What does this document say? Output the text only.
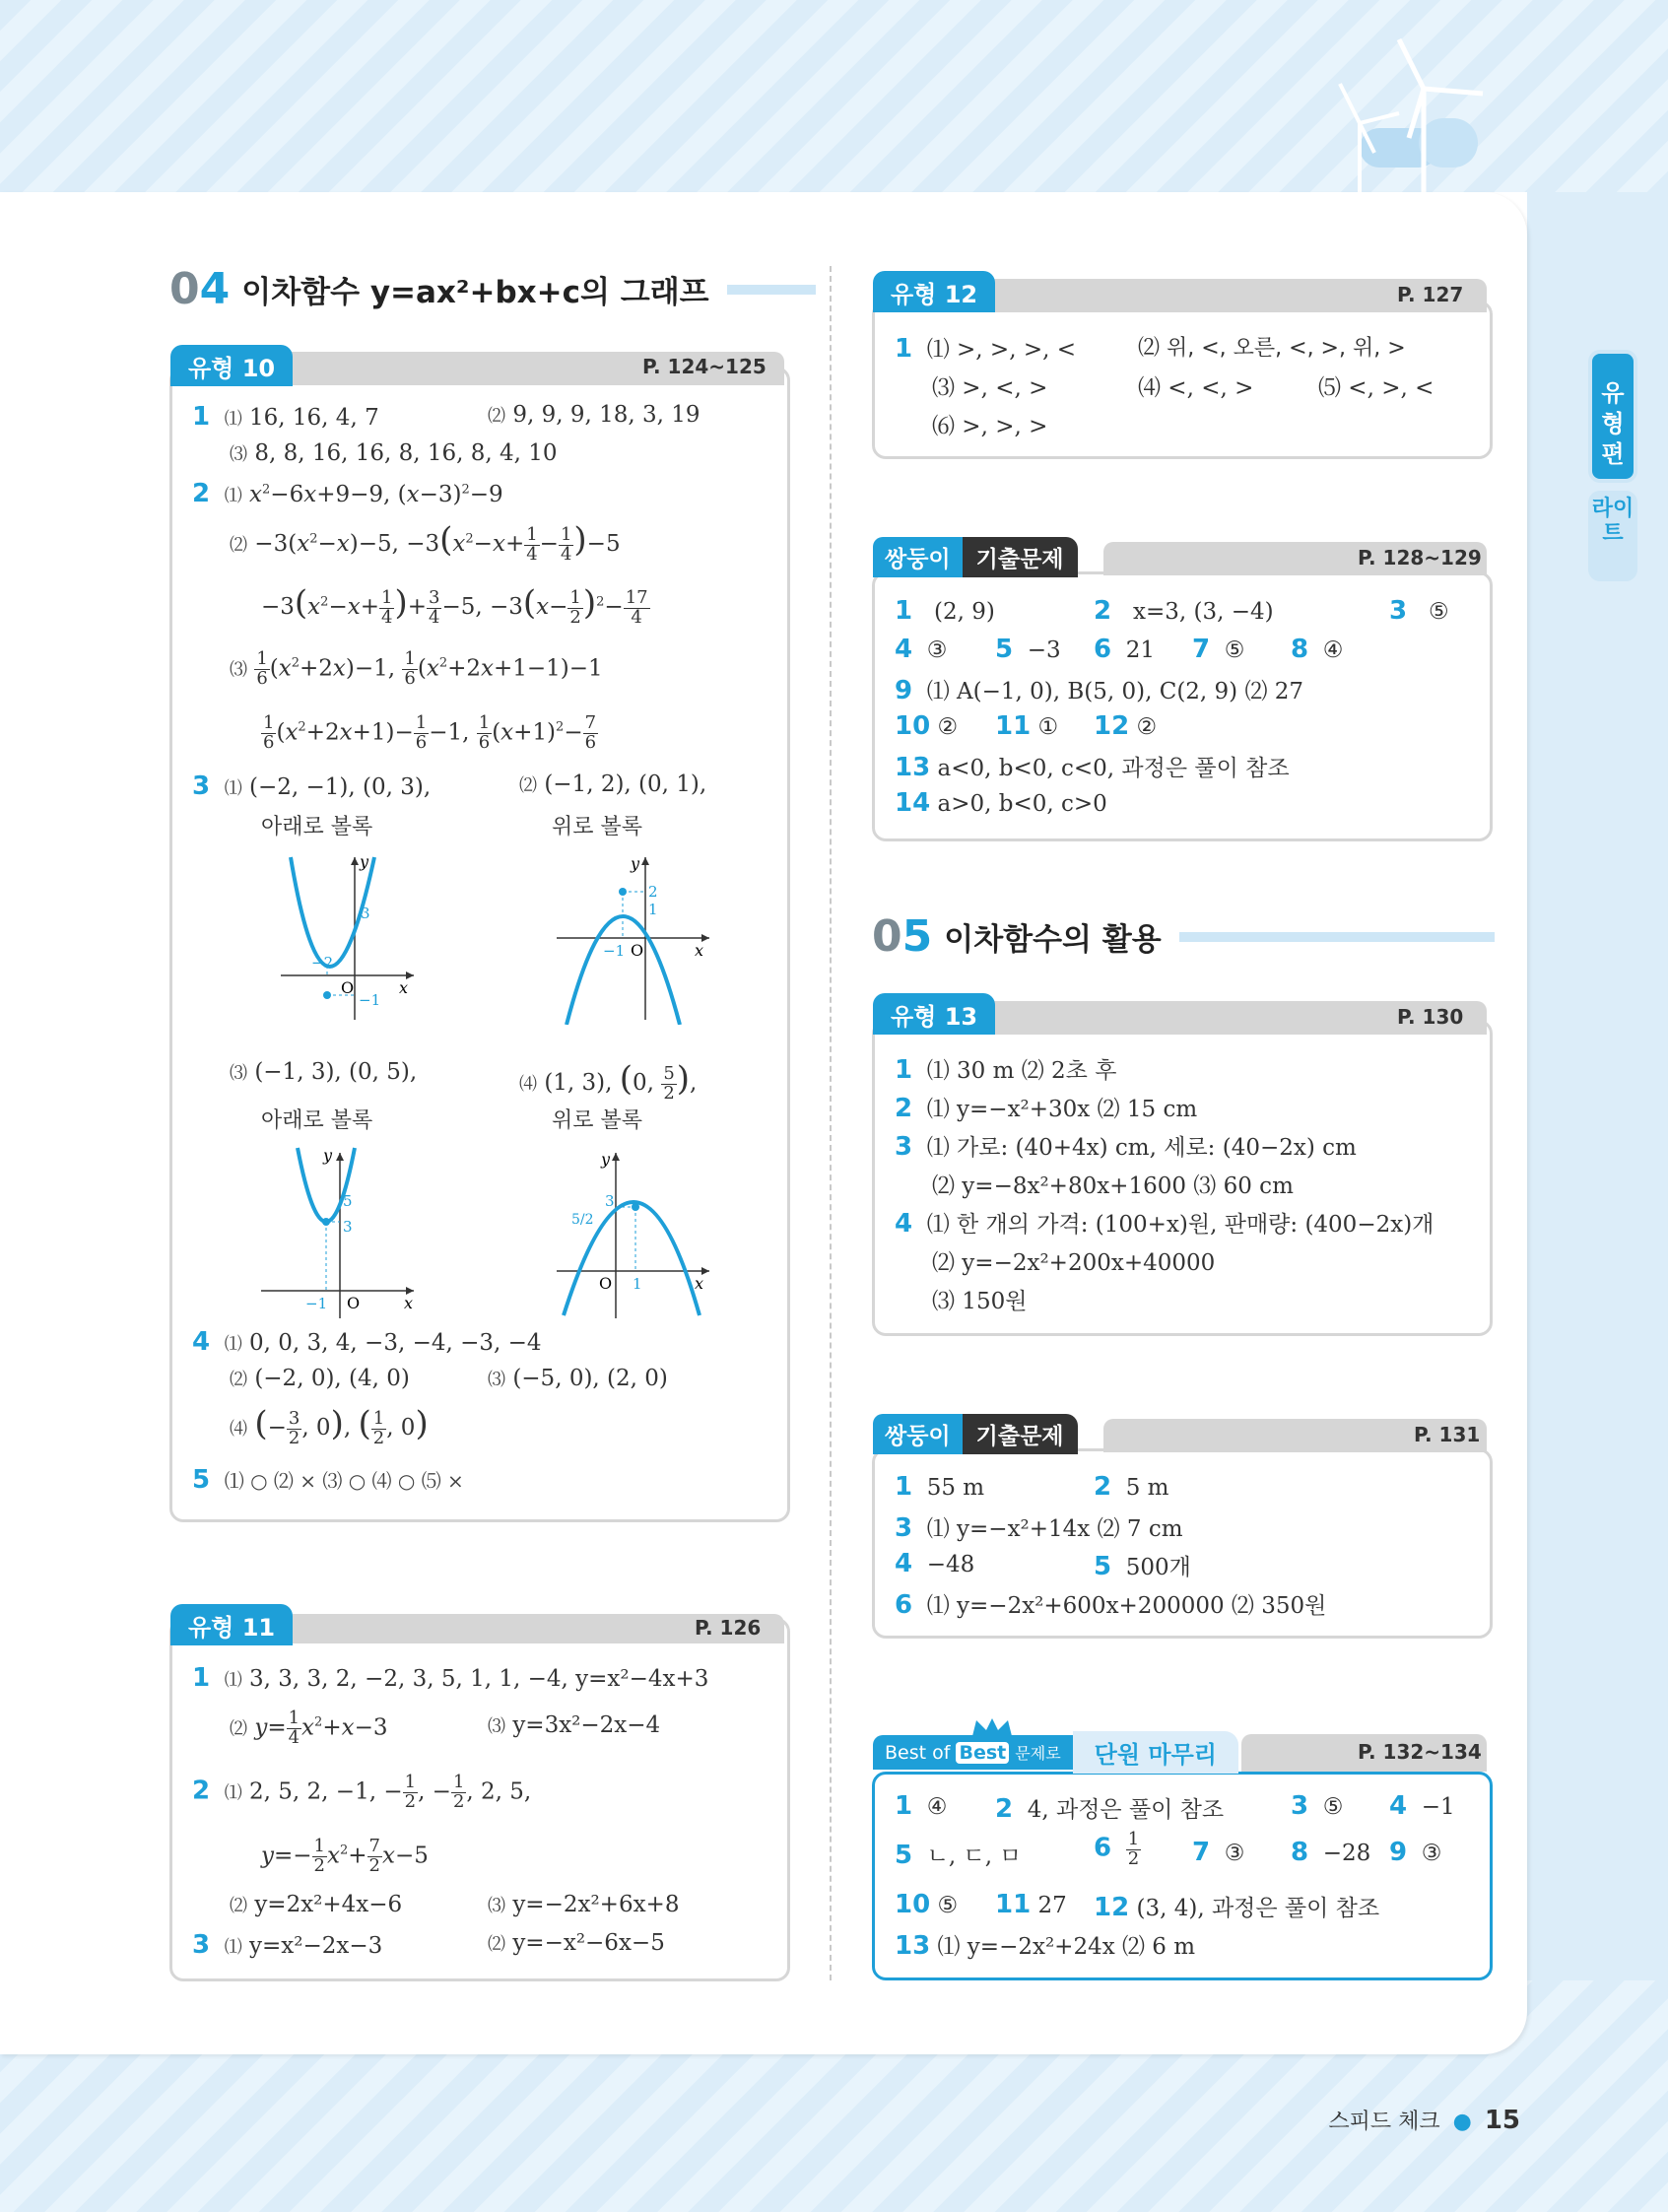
유형편
라이트
04 이차함수 y=ax²+bx+c의 그래프
유형 10	P. 124~125
1 ⑴ 16, 16, 4, 7	⑵ 9, 9, 9, 18, 3, 19
⑶ 8, 8, 16, 16, 8, 16, 8, 4, 10
2 ⑴ $x^2-6x+9-9$, $(x-3)^2-9$
⑵ $-3(x^2-x)-5$, $-3(x^2-x+ \frac{1}{4} - \frac{1}{4} )-5$
$-3(x^2-x+ \frac{1}{4}$ )+ $\frac{3}{4} -5$, $-3(x- \frac{1}{2} )^2- \frac{17}{4}$
⑶ $\frac{1}{6} (x^2+2x)-1$, $\frac{1}{6} (x^2+2x+1-1)-1$
$\frac{1}{6} (x^2+2x+1)- \frac{1}{6} -1$, $\frac{1}{6} (x+1)^2- \frac{7}{6}$
3 ⑴ (−2, −1), (0, 3),	⑵ (−1, 2), (0, 1),
아래로 볼록	위로 볼록
y
x
O
−2
3
−1
y
x
O
2
1
−1
⑶ (−1, 3), (0, 5),	⑷ (1, 3), (0, $\frac{5}{2}$ ),
아래로 볼록	위로 볼록
y
x
O
5
3
−1
y
x
O
3
5/2
1
4 ⑴ 0, 0, 3, 4, −3, −4, −3, −4
⑵ (−2, 0), (4, 0)	⑶ (−5, 0), (2, 0)
⑷ (− $\frac{3}{2}$ , 0), ( $\frac{1}{2}$ , 0)
5 ⑴ ○ ⑵ × ⑶ ○ ⑷ ○ ⑸ ×
유형 11	P. 126
1 ⑴ 3, 3, 3, 2, −2, 3, 5, 1, 1, −4, y=x²−4x+3
⑵ $y= \frac{1}{4} x^2+x-3$	⑶ y=3x²−2x−4
2 ⑴ 2, 5, 2, −1, − $\frac{1}{2}$ , − $\frac{1}{2}$ , 2, 5,
$y=- \frac{1}{2} x^2+ \frac{7}{2} x-5$
⑵ y=2x²+4x−6	⑶ y=−2x²+6x+8
3 ⑴ y=x²−2x−3	⑵ y=−x²−6x−5
유형 12	P. 127
1 ⑴ >, >, >, <	⑵ 위, <, 오른, <, >, 위, >
⑶ >, <, >	⑷ <, <, >	⑸ <, >, <
⑹ >, >, >
쌍둥이	기출문제	P. 128~129
1 (2, 9)	2 x=3, (3, −4)	3 ⑤
4 ③ 5 −3 6 21 7 ⑤ 8 ④
9 ⑴ A(−1, 0), B(5, 0), C(2, 9) ⑵ 27
10 ② 11 ① 12 ②
13 a<0, b<0, c<0, 과정은 풀이 참조
14 a>0, b<0, c>0
05 이차함수의 활용
유형 13	P. 130
1 ⑴ 30 m ⑵ 2초 후
2 ⑴ y=−x²+30x ⑵ 15 cm
3 ⑴ 가로: (40+4x) cm, 세로: (40−2x) cm
⑵ y=−8x²+80x+1600 ⑶ 60 cm
4 ⑴ 한 개의 가격: (100+x)원, 판매량: (400−2x)개
⑵ y=−2x²+200x+40000
⑶ 150원
쌍둥이	기출문제	P. 131
1 55 m	2 5 m
3 ⑴ y=−x²+14x ⑵ 7 cm
4 −48	5 500개
6 ⑴ y=−2x²+600x+200000 ⑵ 350원
Best of Best 문제로	단원 마무리	P. 132~134
1 ④ 2 4, 과정은 풀이 참조	3 ⑤ 4 −1
5 ㄴ, ㄷ, ㅁ	$6 \frac{1}{2} 7$ ③ 8 −28 9 ③
10 ⑤ 11 27 12 (3, 4), 과정은 풀이 참조
13 ⑴ y=−2x²+24x ⑵ 6 m
스피드 체크 ● 15
